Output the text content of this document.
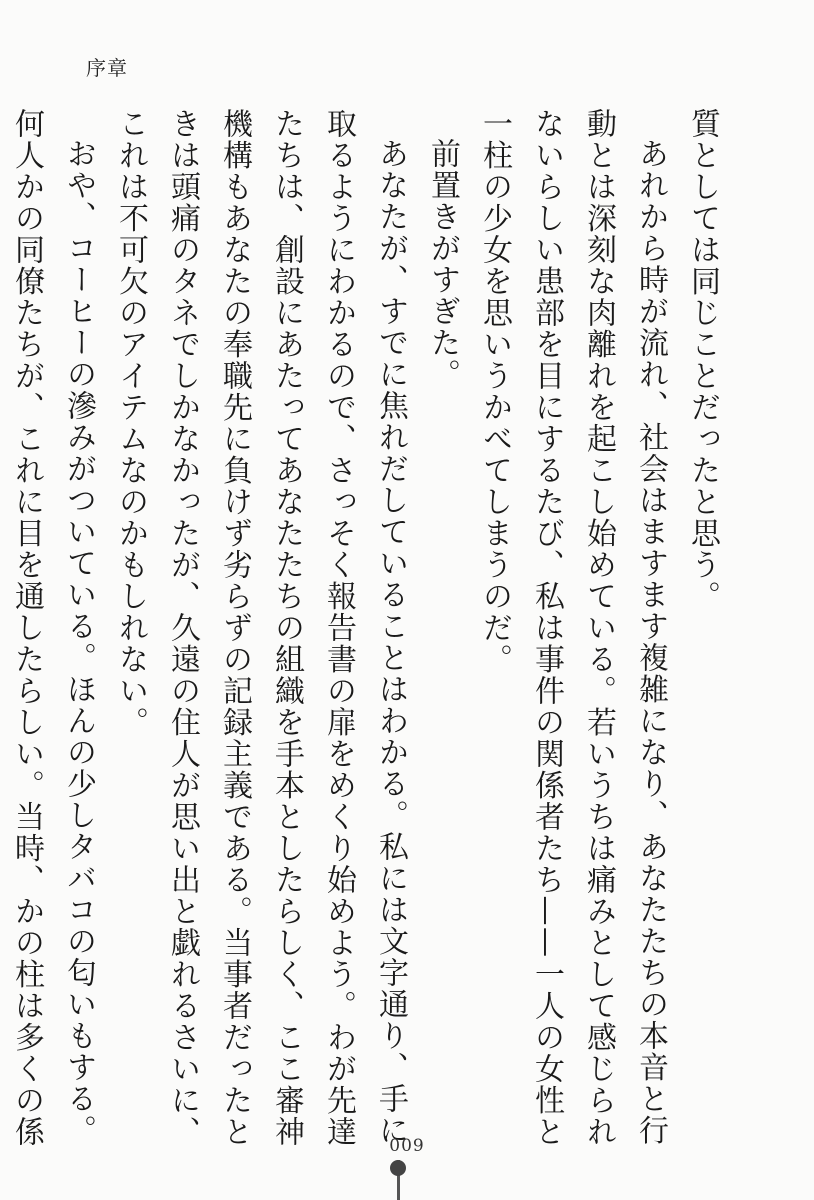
序章

質としては同じことだったと思う。

あれから時が流れ、社会はますます複雑になり、あなたたちの本音と行動とは深刻な肉離れを起こし始めている。若いうちは痛みとして感じられないらしい患部を目にするたび、私は事件の関係者たち——一人の女性と一柱の少女を思いうかべてしまうのだ。

前置きがすぎた。

あなたが、すでに焦れだしていることはわかる。私には文字通り、手に取るようにわかるので、さっそく報告書の扉をめくり始めよう。わが先達たちは、創設にあたってあなたたちの組織を手本としたらしく、ここ審神機構もあなたの奉職先に負けず劣らずの記録主義である。当事者だったときは頭痛のタネでしかなかったが、久遠の住人が思い出と戯れるさいに、これは不可欠のアイテムなのかもしれない。

おや、コーヒーの滲みがついている。ほんの少しタバコの匂いもする。何人かの同僚たちが、これに目を通したらしい。当時、かの柱は多くの係	009
